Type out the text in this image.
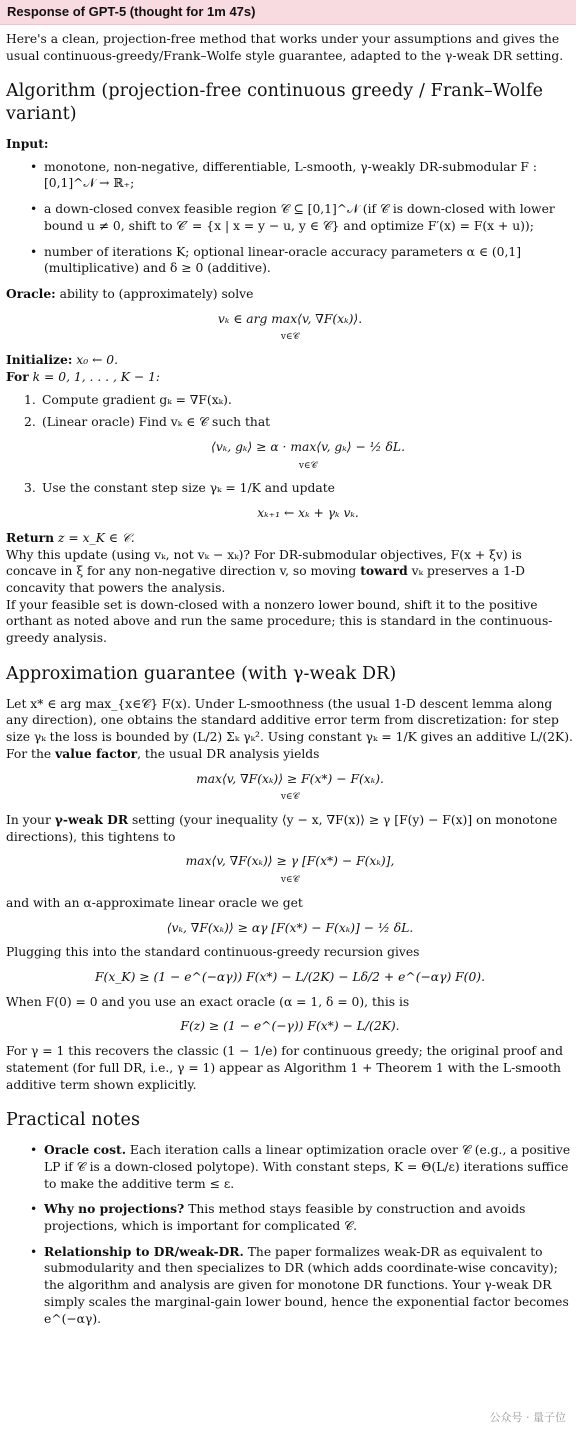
Response of GPT-5 (thought for 1m 47s)

Here's a clean, projection-free method that works under your assumptions and gives the usual continuous-greedy/Frank–Wolfe style guarantee, adapted to the γ-weak DR setting.

Algorithm (projection-free continuous greedy / Frank–Wolfe variant)

Input:

• monotone, non-negative, differentiable, L-smooth, γ-weakly DR-submodular F : [0,1]^𝒩 → ℝ₊;
• a down-closed convex feasible region 𝒞 ⊆ [0,1]^𝒩 (if 𝒞 is down-closed with lower bound u ≠ 0, shift to 𝒞′ = {x | x = y − u, y ∈ 𝒞} and optimize F′(x) = F(x + u));
• number of iterations K; optional linear-oracle accuracy parameters α ∈ (0,1] (multiplicative) and δ ≥ 0 (additive).

Oracle: ability to (approximately) solve

vₖ ∈ arg max⟨v, ∇F(xₖ)⟩.
v∈𝒞

Initialize: x₀ ← 0.

For k = 0, 1, . . . , K − 1:

1. Compute gradient gₖ = ∇F(xₖ).
2. (Linear oracle) Find vₖ ∈ 𝒞 such that
⟨vₖ, gₖ⟩ ≥ α · max⟨v, gₖ⟩ − ½ δL.
v∈𝒞
3. Use the constant step size γₖ = 1/K and update
xₖ₊₁ ← xₖ + γₖ vₖ.

Return z = x_K ∈ 𝒞.

Why this update (using vₖ, not vₖ − xₖ)? For DR-submodular objectives, F(x + ξv) is concave in ξ for any non-negative direction v, so moving toward vₖ preserves a 1-D concavity that powers the analysis.

If your feasible set is down-closed with a nonzero lower bound, shift it to the positive orthant as noted above and run the same procedure; this is standard in the continuous-greedy analysis.

Approximation guarantee (with γ-weak DR)

Let x* ∈ arg max_{x∈𝒞} F(x). Under L-smoothness (the usual 1-D descent lemma along any direction), one obtains the standard additive error term from discretization: for step size γₖ the loss is bounded by (L/2) Σₖ γₖ². Using constant γₖ = 1/K gives an additive L/(2K).

For the value factor, the usual DR analysis yields

max⟨v, ∇F(xₖ)⟩ ≥ F(x*) − F(xₖ).
v∈𝒞

In your γ-weak DR setting (your inequality ⟨y − x, ∇F(x)⟩ ≥ γ [F(y) − F(x)] on monotone directions), this tightens to

max⟨v, ∇F(xₖ)⟩ ≥ γ [F(x*) − F(xₖ)],
v∈𝒞

and with an α-approximate linear oracle we get

⟨vₖ, ∇F(xₖ)⟩ ≥ αγ [F(x*) − F(xₖ)] − ½ δL.

Plugging this into the standard continuous-greedy recursion gives

F(x_K) ≥ (1 − e^(−αγ)) F(x*) − L/(2K) − Lδ/2 + e^(−αγ) F(0).

When F(0) = 0 and you use an exact oracle (α = 1, δ = 0), this is

F(z) ≥ (1 − e^(−γ)) F(x*) − L/(2K).

For γ = 1 this recovers the classic (1 − 1/e) for continuous greedy; the original proof and statement (for full DR, i.e., γ = 1) appear as Algorithm 1 + Theorem 1 with the L-smooth additive term shown explicitly.

Practical notes
• Oracle cost. Each iteration calls a linear optimization oracle over 𝒞 (e.g., a positive LP if 𝒞 is a down-closed polytope). With constant steps, K = Θ(L/ε) iterations suffice to make the additive term ≤ ε.
• Why no projections? This method stays feasible by construction and avoids projections, which is important for complicated 𝒞.
• Relationship to DR/weak-DR. The paper formalizes weak-DR as equivalent to submodularity and then specializes to DR (which adds coordinate-wise concavity); the algorithm and analysis are given for monotone DR functions. Your γ-weak DR simply scales the marginal-gain lower bound, hence the exponential factor becomes e^(−αγ).
公众号 · 量子位
